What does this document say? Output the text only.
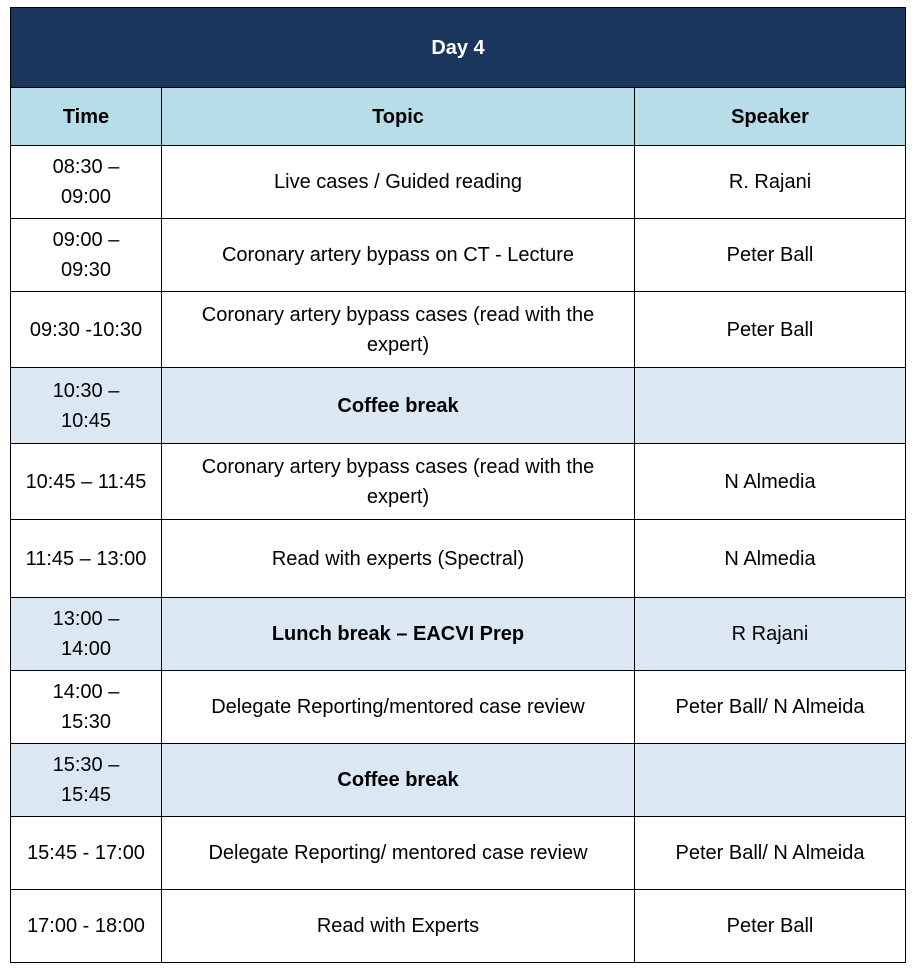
Day 4		
Time	Topic	Speaker
08:30 – 09:00	Live cases / Guided reading	R. Rajani
09:00 – 09:30	Coronary artery bypass on CT - Lecture	Peter Ball
09:30 -10:30	Coronary artery bypass cases (read with the expert)	Peter Ball
10:30 – 10:45	Coffee break	
10:45 – 11:45	Coronary artery bypass cases (read with the expert)	N Almedia
11:45 – 13:00	Read with experts (Spectral)	N Almedia
13:00 – 14:00	Lunch break – EACVI Prep	R Rajani
14:00 – 15:30	Delegate Reporting/mentored case review	Peter Ball/ N Almeida
15:30 – 15:45	Coffee break	
15:45 - 17:00	Delegate Reporting/ mentored case review	Peter Ball/ N Almeida
17:00 - 18:00	Read with Experts	Peter Ball
